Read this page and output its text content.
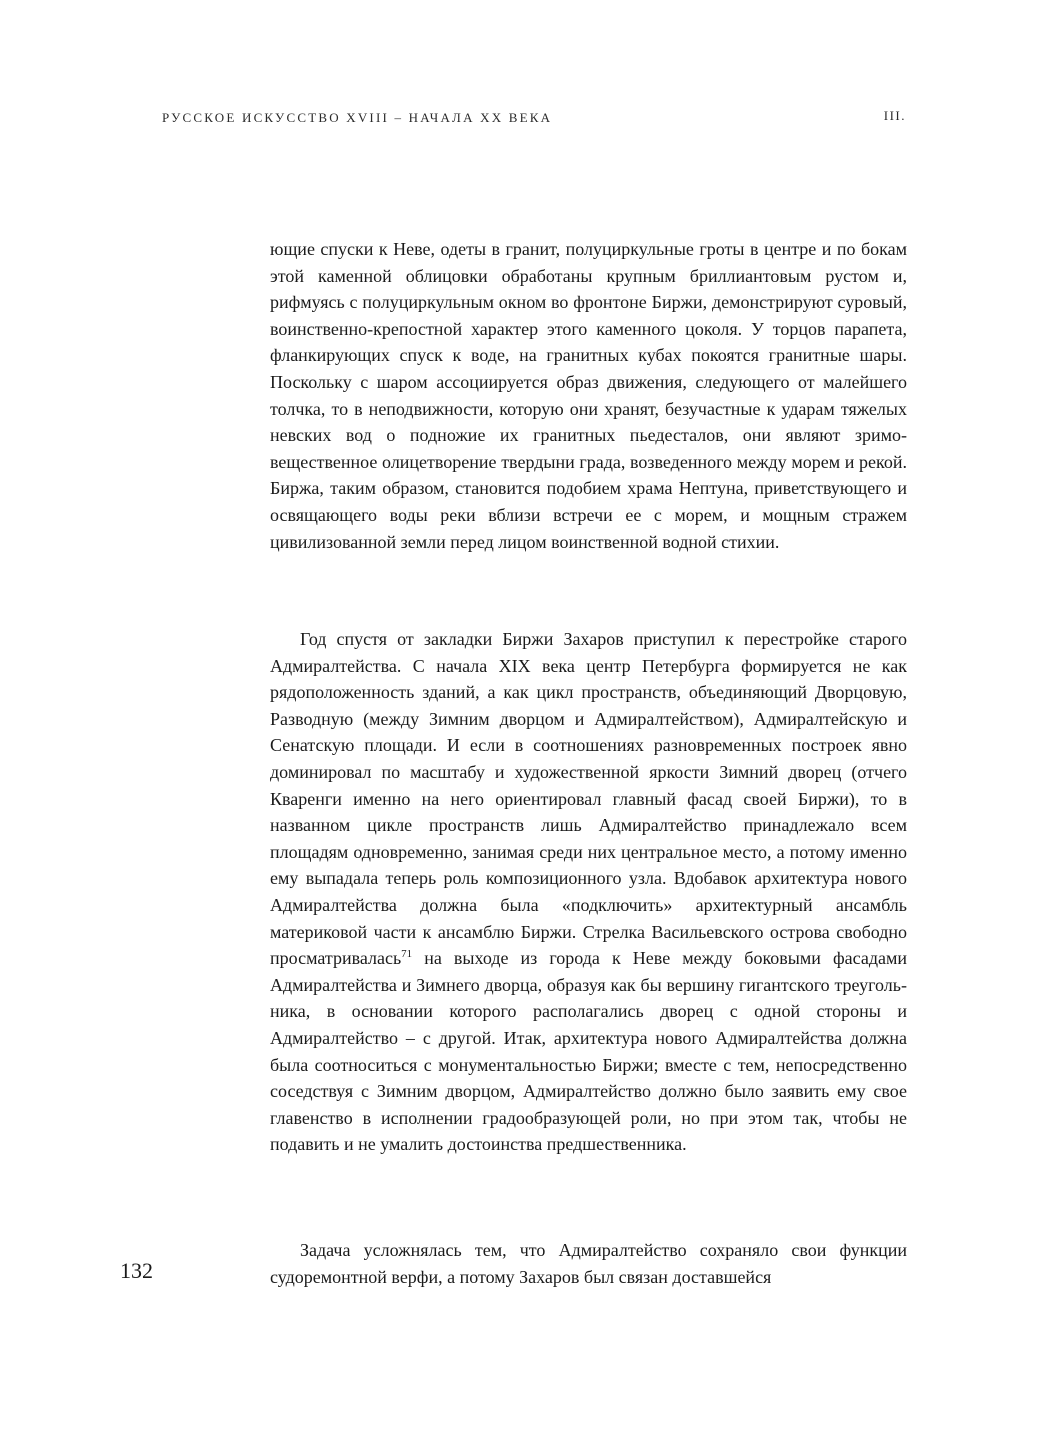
РУССКОЕ ИСКУССТВО XVIII – НАЧАЛА XX ВЕКА	III.

ющие спуски к Неве, одеты в гранит, полуциркульные гроты в центре и по бокам этой каменной облицовки обработаны крупным бриллиантовым рустом и, рифмуясь с полуциркульным окном во фронтоне Биржи, демонстрируют суровый, воинственно-крепостной характер этого каменного цоколя. У торцов парапета, фланкирующих спуск к воде, на гранитных кубах покоятся гранитные шары. Поскольку с шаром ассоциируется образ движения, следующего от малейшего толчка, то в неподвижности, которую они хранят, безучастные к ударам тяжелых невских вод о подножие их гранитных пьедесталов, они являют зримо-вещественное олицетворение твердыни града, возведенного между морем и рекой. Биржа, таким образом, становится подобием храма Нептуна, приветствующего и освящающего воды реки вблизи встречи ее с морем, и мощным стражем цивилизованной земли перед лицом воинственной водной стихии.

Год спустя от закладки Биржи Захаров приступил к перестройке старого Адмиралтейства. С начала XIX века центр Петербурга формируется не как рядоположенность зданий, а как цикл пространств, объединяющий Дворцовую, Разводную (между Зимним дворцом и Адмиралтейством), Адмиралтейскую и Сенатскую площади. И если в соотношениях разновременных построек явно доминировал по масштабу и художественной яркости Зимний дворец (отчего Кваренги именно на него ориентировал главный фасад своей Биржи), то в названном цикле пространств лишь Адмиралтейство принадлежало всем площадям одновременно, занимая среди них центральное место, а потому именно ему выпадала теперь роль композиционного узла. Вдобавок архитектура нового Адмиралтейства должна была «подключить» архитектурный ансамбль материковой части к ансамблю Биржи. Стрелка Васильевского острова свободно просматривалась$^{71}$ на выходе из города к Неве между боковыми фасадами Адмиралтейства и Зимнего дворца, образуя как бы вершину гигантского треугольника, в основании которого располагались дворец с одной стороны и Адмиралтейство – с другой. Итак, архитектура нового Адмиралтейства должна была соотноситься с монументальностью Биржи; вместе с тем, непосредственно соседствуя с Зимним дворцом, Адмиралтейство должно было заявить ему свое главенство в исполнении градообразующей роли, но при этом так, чтобы не подавить и не умалить достоинства предшественника.

Задача усложнялась тем, что Адмиралтейство сохраняло свои функции судоремонтной верфи, а потому Захаров был связан доставшейся

132
